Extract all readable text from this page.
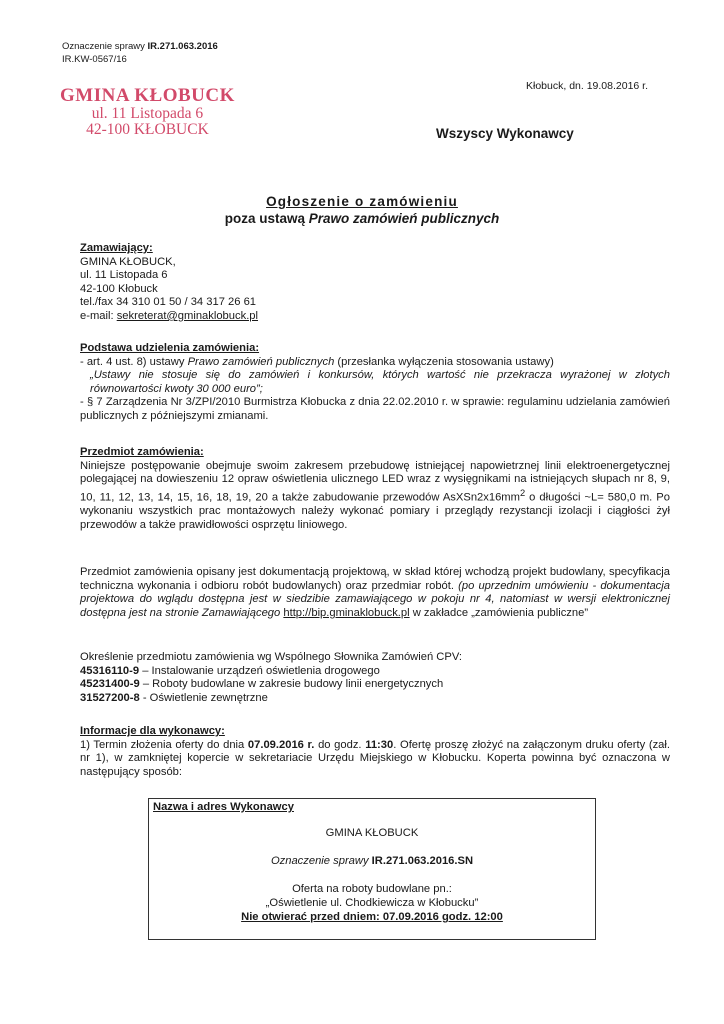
Oznaczenie sprawy IR.271.063.2016
IR.KW-0567/16
GMINA KŁOBUCK
ul. 11 Listopada 6
42-100 KŁOBUCK
Kłobuck, dn. 19.08.2016 r.
Wszyscy Wykonawcy
Ogłoszenie o zamówieniu
poza ustawą Prawo zamówień publicznych
Zamawiający:
GMINA KŁOBUCK,
ul. 11 Listopada 6
42-100 Kłobuck
tel./fax 34 310 01 50 / 34 317 26 61
e-mail: sekreterat@gminaklobuck.pl
Podstawa udzielenia zamówienia:
- art. 4 ust. 8) ustawy Prawo zamówień publicznych (przesłanka wyłączenia stosowania ustawy)
„Ustawy nie stosuje się do zamówień i konkursów, których wartość nie przekracza wyrażonej w złotych równowartości kwoty 30 000 euro”;
- § 7 Zarządzenia Nr 3/ZPI/2010 Burmistrza Kłobucka z dnia 22.02.2010 r. w sprawie: regulaminu udzielania zamówień publicznych z późniejszymi zmianami.
Przedmiot zamówienia:
Niniejsze postępowanie obejmuje swoim zakresem przebudowę istniejącej napowietrznej linii elektroenergetycznej polegającej na dowieszeniu 12 opraw oświetlenia ulicznego LED wraz z wysięgnikami na istniejących słupach nr 8, 9, 10, 11, 12, 13, 14, 15, 16, 18, 19, 20 a także zabudowanie przewodów $AsXSn2x16mm^2$ o długości ~L= 580,0 m. Po wykonaniu wszystkich prac montażowych należy wykonać pomiary i przeglądy rezystancji izolacji i ciągłości żył przewodów a także prawidłowości osprzętu liniowego.
Przedmiot zamówienia opisany jest dokumentacją projektową, w skład której wchodzą projekt budowlany, specyfikacja techniczna wykonania i odbioru robót budowlanych) oraz przedmiar robót. (po uprzednim umówieniu - dokumentacja projektowa do wglądu dostępna jest w siedzibie zamawiającego w pokoju nr 4, natomiast w wersji elektronicznej dostępna jest na stronie Zamawiającego http://bip.gminaklobuck.pl w zakładce „zamówienia publiczne”
Określenie przedmiotu zamówienia wg Wspólnego Słownika Zamówień CPV:
45316110-9 – Instalowanie urządzeń oświetlenia drogowego
45231400-9 – Roboty budowlane w zakresie budowy linii energetycznych
31527200-8 - Oświetlenie zewnętrzne
Informacje dla wykonawcy:
1) Termin złożenia oferty do dnia 07.09.2016 r. do godz. 11:30. Ofertę proszę złożyć na załączonym druku oferty (zał. nr 1), w zamkniętej kopercie w sekretariacie Urzędu Miejskiego w Kłobucku. Koperta powinna być oznaczona w następujący sposób:
Nazwa i adres Wykonawcy
GMINA KŁOBUCK
Oznaczenie sprawy IR.271.063.2016.SN
Oferta na roboty budowlane pn.:
„Oświetlenie ul. Chodkiewicza w Kłobucku”
Nie otwierać przed dniem: 07.09.2016 godz. 12:00
